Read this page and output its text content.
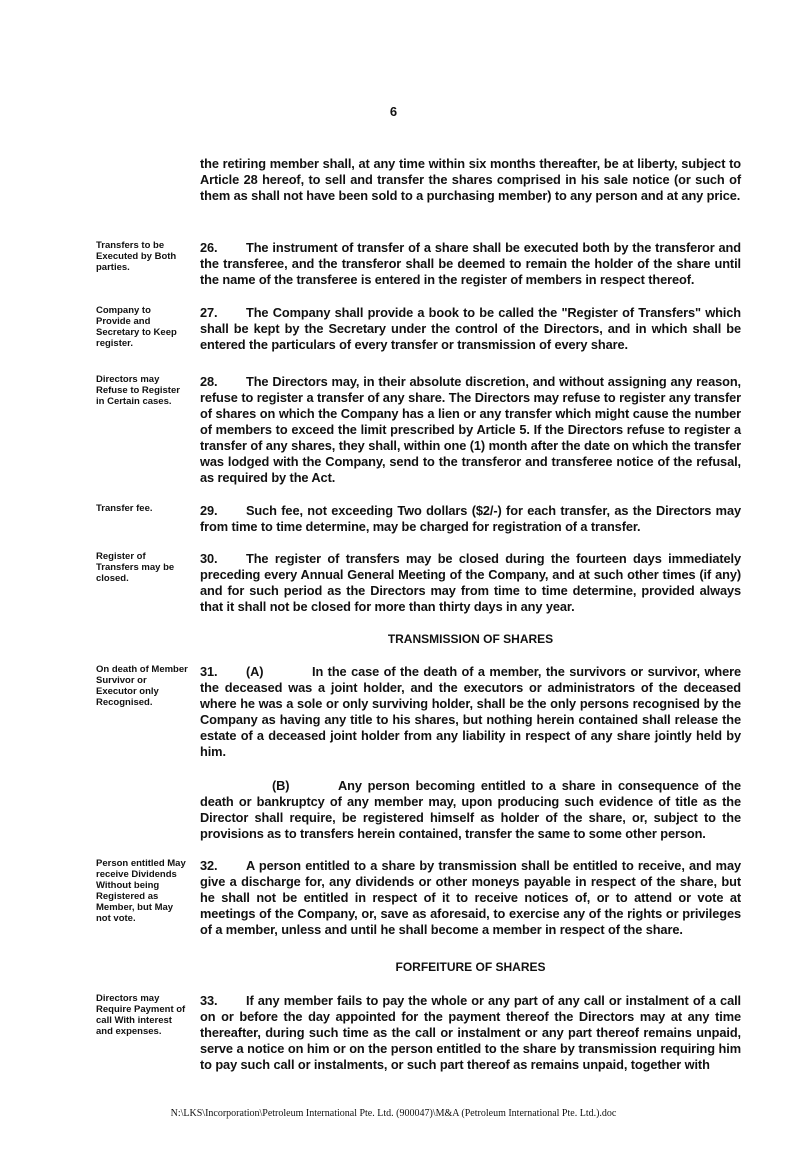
6
the retiring member shall, at any time within six months thereafter, be at liberty, subject to Article 28 hereof, to sell and transfer the shares comprised in his sale notice (or such of them as shall not have been sold to a purchasing member) to any person and at any price.
Transfers to be Executed by Both parties.
26. The instrument of transfer of a share shall be executed both by the transferor and the transferee, and the transferor shall be deemed to remain the holder of the share until the name of the transferee is entered in the register of members in respect thereof.
Company to Provide and Secretary to Keep register.
27. The Company shall provide a book to be called the "Register of Transfers" which shall be kept by the Secretary under the control of the Directors, and in which shall be entered the particulars of every transfer or transmission of every share.
Directors may Refuse to Register in Certain cases.
28. The Directors may, in their absolute discretion, and without assigning any reason, refuse to register a transfer of any share. The Directors may refuse to register any transfer of shares on which the Company has a lien or any transfer which might cause the number of members to exceed the limit prescribed by Article 5. If the Directors refuse to register a transfer of any shares, they shall, within one (1) month after the date on which the transfer was lodged with the Company, send to the transferor and transferee notice of the refusal, as required by the Act.
Transfer fee.	29. Such fee, not exceeding Two dollars ($2/-) for each transfer, as the Directors may from time to time determine, may be charged for registration of a transfer.
Register of Transfers may be closed.
30. The register of transfers may be closed during the fourteen days immediately preceding every Annual General Meeting of the Company, and at such other times (if any) and for such period as the Directors may from time to time determine, provided always that it shall not be closed for more than thirty days in any year.
TRANSMISSION OF SHARES
On death of Member Survivor or Executor only Recognised.
31. (A)	In the case of the death of a member, the survivors or survivor, where the deceased was a joint holder, and the executors or administrators of the deceased where he was a sole or only surviving holder, shall be the only persons recognised by the Company as having any title to his shares, but nothing herein contained shall release the estate of a deceased joint holder from any liability in respect of any share jointly held by him.
(B)	Any person becoming entitled to a share in consequence of the death or bankruptcy of any member may, upon producing such evidence of title as the Director shall require, be registered himself as holder of the share, or, subject to the provisions as to transfers herein contained, transfer the same to some other person.
Person entitled May receive Dividends Without being Registered as Member, but May not vote.
32. A person entitled to a share by transmission shall be entitled to receive, and may give a discharge for, any dividends or other moneys payable in respect of the share, but he shall not be entitled in respect of it to receive notices of, or to attend or vote at meetings of the Company, or, save as aforesaid, to exercise any of the rights or privileges of a member, unless and until he shall become a member in respect of the share.
FORFEITURE OF SHARES
Directors may Require Payment of call With interest and expenses.
33. If any member fails to pay the whole or any part of any call or instalment of a call on or before the day appointed for the payment thereof the Directors may at any time thereafter, during such time as the call or instalment or any part thereof remains unpaid, serve a notice on him or on the person entitled to the share by transmission requiring him to pay such call or instalments, or such part thereof as remains unpaid, together with
N:\LKS\Incorporation\Petroleum International Pte. Ltd. (900047)\M&A (Petroleum International Pte. Ltd.).doc
